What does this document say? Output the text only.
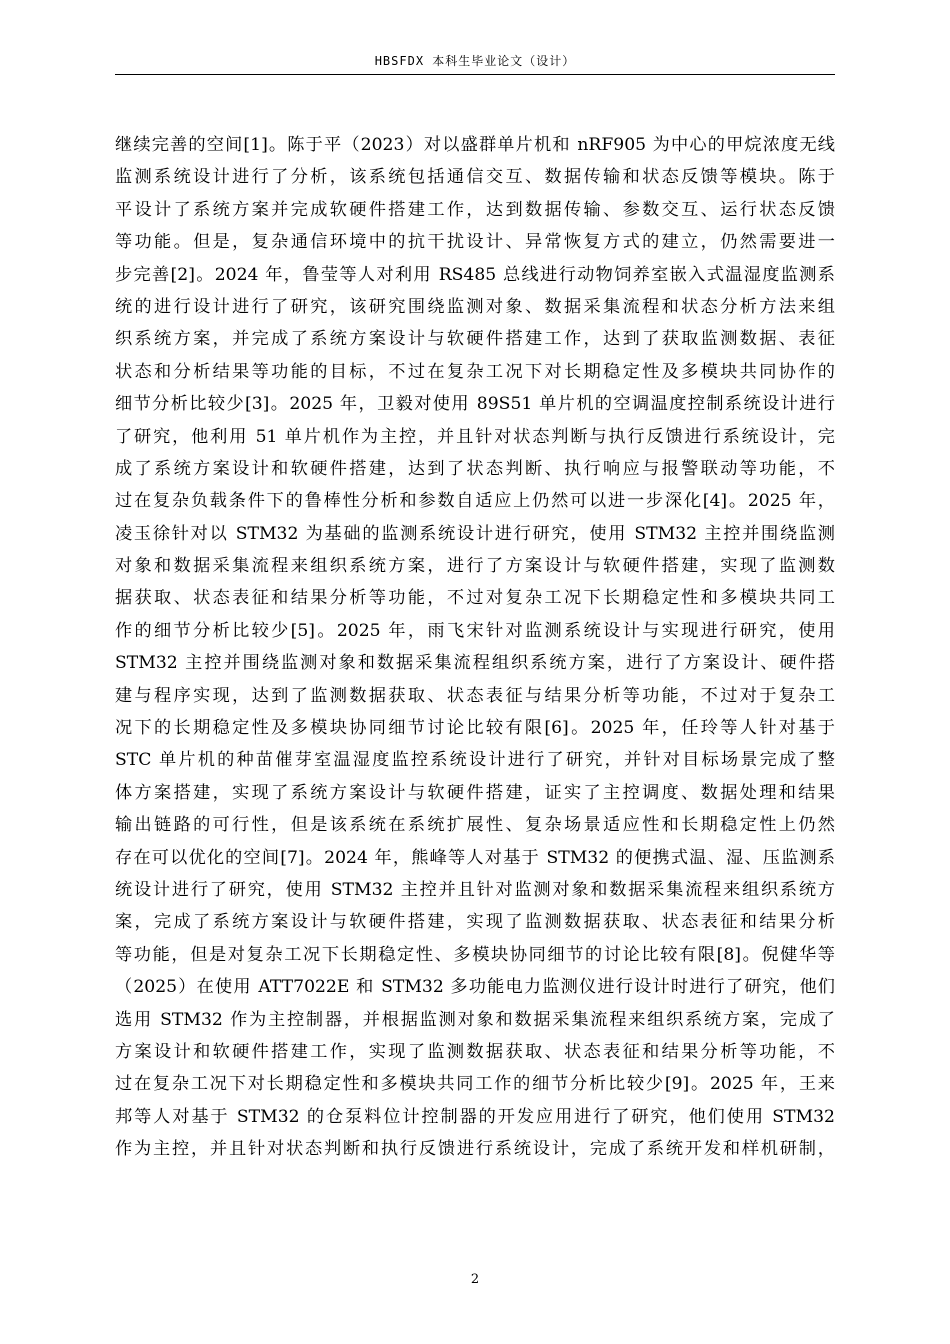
HBSFDX 本科生毕业论文（设计）
继续完善的空间[1]。陈于平（2023）对以盛群单片机和 nRF905 为中心的甲烷浓度无线
监测系统设计进行了分析，该系统包括通信交互、数据传输和状态反馈等模块。陈于
平设计了系统方案并完成软硬件搭建工作，达到数据传输、参数交互、运行状态反馈
等功能。但是，复杂通信环境中的抗干扰设计、异常恢复方式的建立，仍然需要进一
步完善[2]。2024 年，鲁莹等人对利用 RS485 总线进行动物饲养室嵌入式温湿度监测系
统的进行设计进行了研究，该研究围绕监测对象、数据采集流程和状态分析方法来组
织系统方案，并完成了系统方案设计与软硬件搭建工作，达到了获取监测数据、表征
状态和分析结果等功能的目标，不过在复杂工况下对长期稳定性及多模块共同协作的
细节分析比较少[3]。2025 年，卫毅对使用 89S51 单片机的空调温度控制系统设计进行
了研究，他利用 51 单片机作为主控，并且针对状态判断与执行反馈进行系统设计，完
成了系统方案设计和软硬件搭建，达到了状态判断、执行响应与报警联动等功能，不
过在复杂负载条件下的鲁棒性分析和参数自适应上仍然可以进一步深化[4]。2025 年，
凌玉徐针对以 STM32 为基础的监测系统设计进行研究，使用 STM32 主控并围绕监测
对象和数据采集流程来组织系统方案，进行了方案设计与软硬件搭建，实现了监测数
据获取、状态表征和结果分析等功能，不过对复杂工况下长期稳定性和多模块共同工
作的细节分析比较少[5]。2025 年，雨飞宋针对监测系统设计与实现进行研究，使用
STM32 主控并围绕监测对象和数据采集流程组织系统方案，进行了方案设计、硬件搭
建与程序实现，达到了监测数据获取、状态表征与结果分析等功能，不过对于复杂工
况下的长期稳定性及多模块协同细节讨论比较有限[6]。2025 年，任玲等人针对基于
STC 单片机的种苗催芽室温湿度监控系统设计进行了研究，并针对目标场景完成了整
体方案搭建，实现了系统方案设计与软硬件搭建，证实了主控调度、数据处理和结果
输出链路的可行性，但是该系统在系统扩展性、复杂场景适应性和长期稳定性上仍然
存在可以优化的空间[7]。2024 年，熊峰等人对基于 STM32 的便携式温、湿、压监测系
统设计进行了研究，使用 STM32 主控并且针对监测对象和数据采集流程来组织系统方
案，完成了系统方案设计与软硬件搭建，实现了监测数据获取、状态表征和结果分析
等功能，但是对复杂工况下长期稳定性、多模块协同细节的讨论比较有限[8]。倪健华等
（2025）在使用 ATT7022E 和 STM32 多功能电力监测仪进行设计时进行了研究，他们
选用 STM32 作为主控制器，并根据监测对象和数据采集流程来组织系统方案，完成了
方案设计和软硬件搭建工作，实现了监测数据获取、状态表征和结果分析等功能，不
过在复杂工况下对长期稳定性和多模块共同工作的细节分析比较少[9]。2025 年，王来
邦等人对基于 STM32 的仓泵料位计控制器的开发应用进行了研究，他们使用 STM32
作为主控，并且针对状态判断和执行反馈进行系统设计，完成了系统开发和样机研制，
2
